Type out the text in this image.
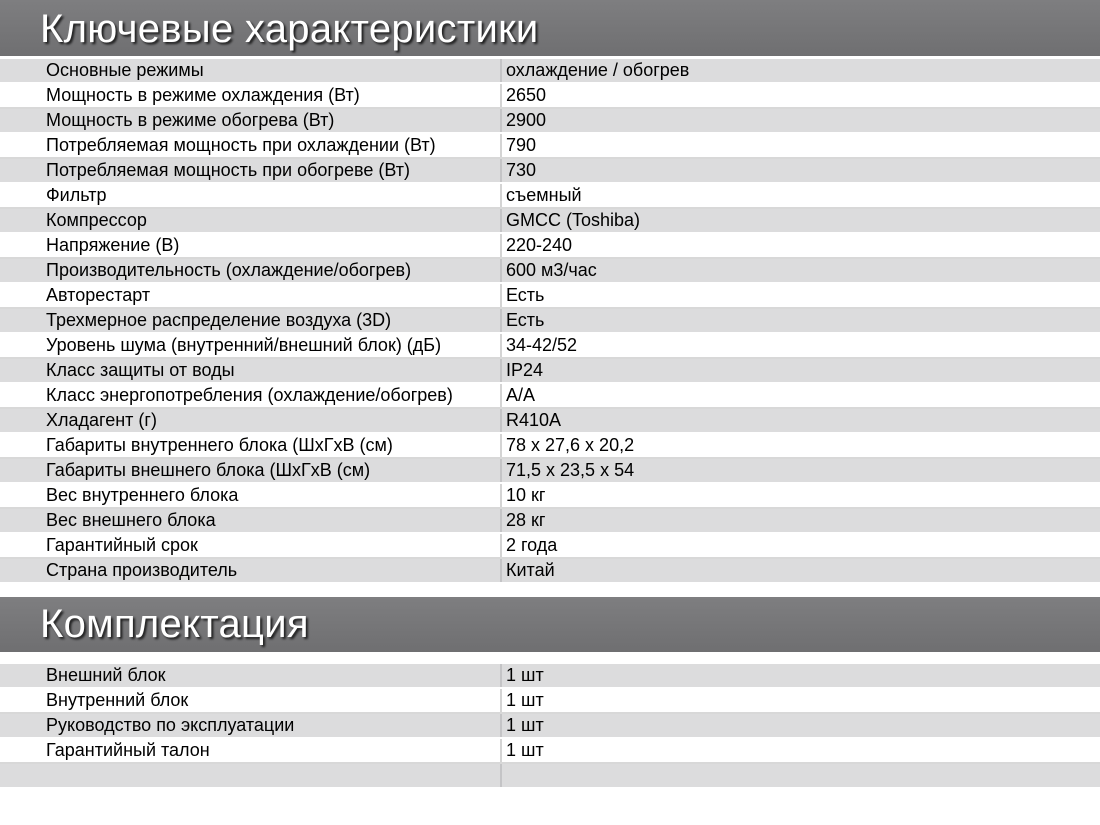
Ключевые характеристики
Основные режимы	охлаждение / обогрев
Мощность в режиме охлаждения (Вт)	2650
Мощность в режиме обогрева (Вт)	2900
Потребляемая мощность при охлаждении (Вт)	790
Потребляемая мощность при обогреве (Вт)	730
Фильтр	съемный
Компрессор	GMCC (Toshiba)
Напряжение (В)	220-240
Производительность (охлаждение/обогрев)	600 м3/час
Авторестарт	Есть
Трехмерное распределение воздуха (3D)	Есть
Уровень шума (внутренний/внешний блок) (дБ)	34-42/52
Класс защиты от воды	IP24
Класс энергопотребления (охлаждение/обогрев)	A/A
Хладагент (г)	R410A
Габариты внутреннего блока (ШхГхВ (см)	78 x 27,6 x 20,2
Габариты внешнего блока (ШхГхВ (см)	71,5 x 23,5 x 54
Вес внутреннего блока	10 кг
Вес внешнего блока	28 кг
Гарантийный срок	2 года
Страна производитель	Китай
Комплектация
Внешний блок	1 шт
Внутренний блок	1 шт
Руководство по эксплуатации	1 шт
Гарантийный талон	1 шт
